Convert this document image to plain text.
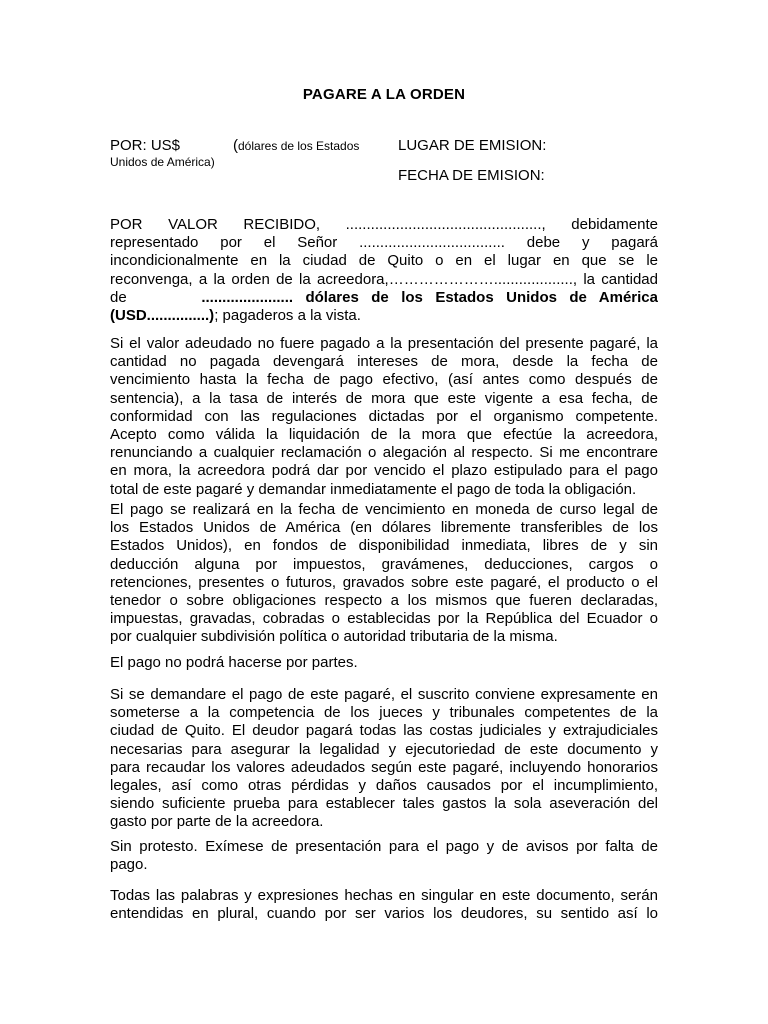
PAGARE A LA ORDEN
POR: US$	(dólares de los Estados
Unidos de América)
LUGAR DE EMISION:
FECHA DE EMISION:
POR VALOR RECIBIDO, ..............................................., debidamente
representado por el Señor ................................... debe y pagará
incondicionalmente en la ciudad de Quito o en el lugar en que se le
reconvenga, a la orden de la acreedora,…………………..................., la cantidad
de	...................... dólares de los Estados Unidos de América
(USD...............); pagaderos a la vista.
Si el valor adeudado no fuere pagado a la presentación del presente pagaré, la
cantidad no pagada devengará intereses de mora, desde la fecha de
vencimiento hasta la fecha de pago efectivo, (así antes como después de
sentencia), a la tasa de interés de mora que este vigente a esa fecha, de
conformidad con las regulaciones dictadas por el organismo competente.
Acepto como válida la liquidación de la mora que efectúe la acreedora,
renunciando a cualquier reclamación o alegación al respecto. Si me encontrare
en mora, la acreedora podrá dar por vencido el plazo estipulado para el pago
total de este pagaré y demandar inmediatamente el pago de toda la obligación.
El pago se realizará en la fecha de vencimiento en moneda de curso legal de
los Estados Unidos de América (en dólares libremente transferibles de los
Estados Unidos), en fondos de disponibilidad inmediata, libres de y sin
deducción alguna por impuestos, gravámenes, deducciones, cargos o
retenciones, presentes o futuros, gravados sobre este pagaré, el producto o el
tenedor o sobre obligaciones respecto a los mismos que fueren declaradas,
impuestas, gravadas, cobradas o establecidas por la República del Ecuador o
por cualquier subdivisión política o autoridad tributaria de la misma.
El pago no podrá hacerse por partes.
Si se demandare el pago de este pagaré, el suscrito conviene expresamente en
someterse a la competencia de los jueces y tribunales competentes de la
ciudad de Quito. El deudor pagará todas las costas judiciales y extrajudiciales
necesarias para asegurar la legalidad y ejecutoriedad de este documento y
para recaudar los valores adeudados según este pagaré, incluyendo honorarios
legales, así como otras pérdidas y daños causados por el incumplimiento,
siendo suficiente prueba para establecer tales gastos la sola aseveración del
gasto por parte de la acreedora.
Sin protesto. Exímese de presentación para el pago y de avisos por falta de
pago.
Todas las palabras y expresiones hechas en singular en este documento, serán
entendidas en plural, cuando por ser varios los deudores, su sentido así lo
